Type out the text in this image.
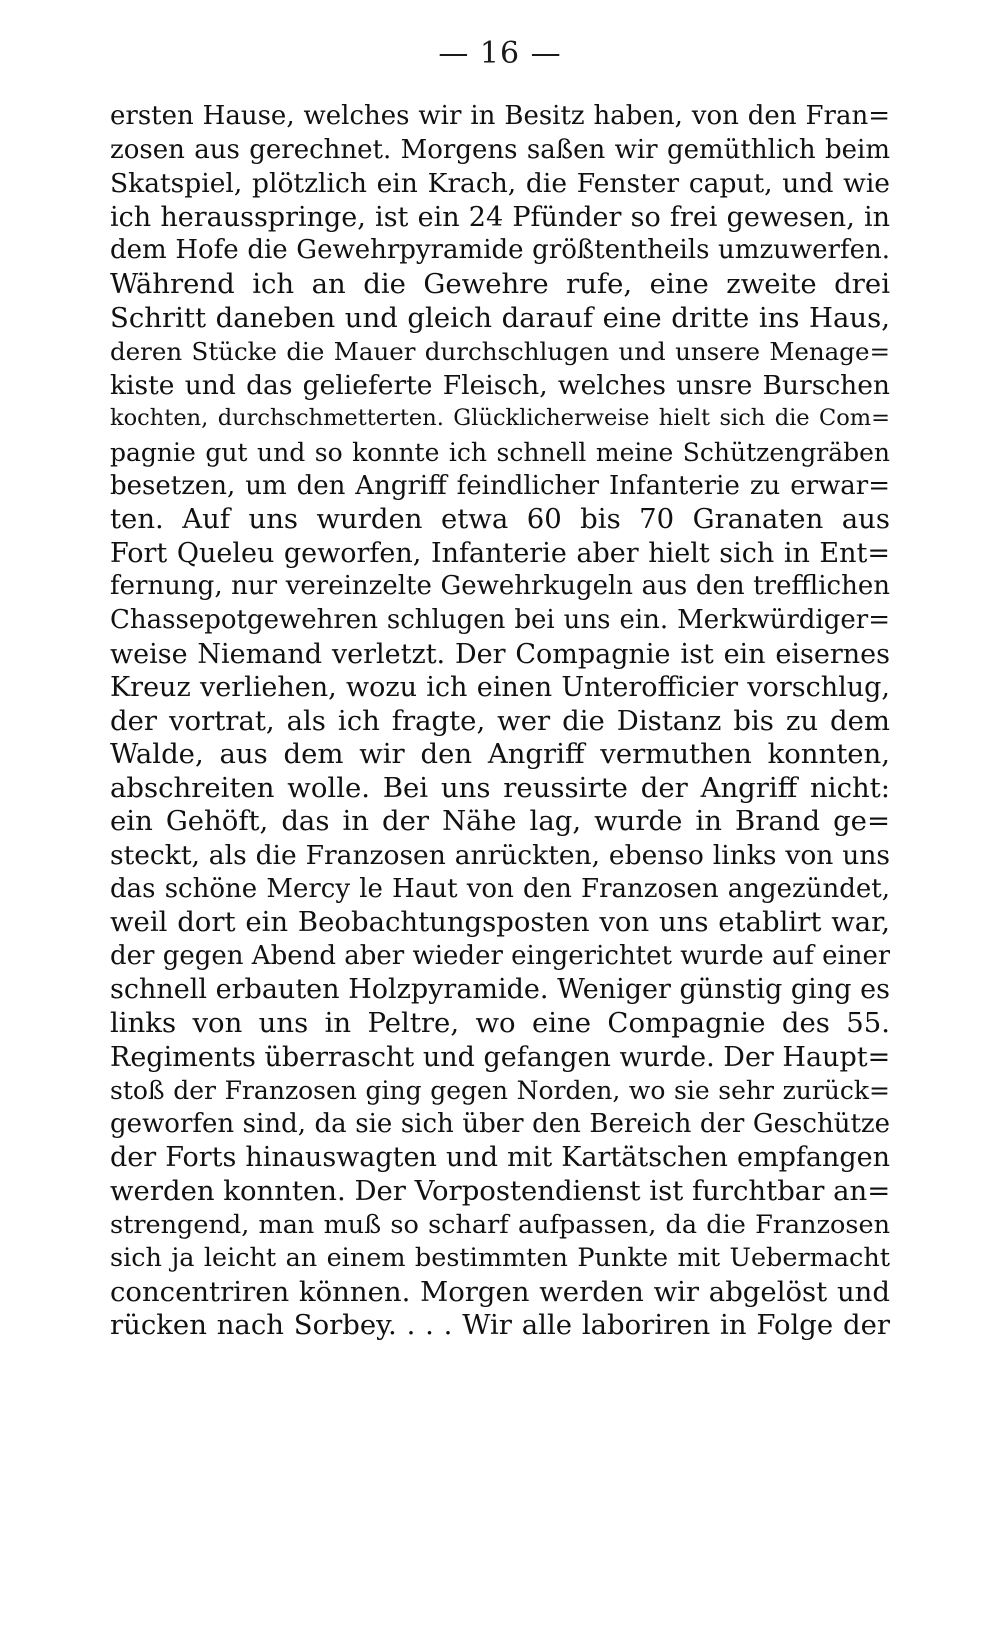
— 16 —
ersten Hause, welches wir in Besitz haben, von den Fran=
zosen aus gerechnet. Morgens saßen wir gemüthlich beim
Skatspiel, plötzlich ein Krach, die Fenster caput, und wie
ich herausspringe, ist ein 24 Pfünder so frei gewesen, in
dem Hofe die Gewehrpyramide größtentheils umzuwerfen.
Während ich an die Gewehre rufe, eine zweite drei
Schritt daneben und gleich darauf eine dritte ins Haus,
deren Stücke die Mauer durchschlugen und unsere Menage=
kiste und das gelieferte Fleisch, welches unsre Burschen
kochten, durchschmetterten. Glücklicherweise hielt sich die Com=
pagnie gut und so konnte ich schnell meine Schützengräben
besetzen, um den Angriff feindlicher Infanterie zu erwar=
ten. Auf uns wurden etwa 60 bis 70 Granaten aus
Fort Queleu geworfen, Infanterie aber hielt sich in Ent=
fernung, nur vereinzelte Gewehrkugeln aus den trefflichen
Chassepotgewehren schlugen bei uns ein. Merkwürdiger=
weise Niemand verletzt. Der Compagnie ist ein eisernes
Kreuz verliehen, wozu ich einen Unterofficier vorschlug,
der vortrat, als ich fragte, wer die Distanz bis zu dem
Walde, aus dem wir den Angriff vermuthen konnten,
abschreiten wolle. Bei uns reussirte der Angriff nicht:
ein Gehöft, das in der Nähe lag, wurde in Brand ge=
steckt, als die Franzosen anrückten, ebenso links von uns
das schöne Mercy le Haut von den Franzosen angezündet,
weil dort ein Beobachtungsposten von uns etablirt war,
der gegen Abend aber wieder eingerichtet wurde auf einer
schnell erbauten Holzpyramide. Weniger günstig ging es
links von uns in Peltre, wo eine Compagnie des 55.
Regiments überrascht und gefangen wurde. Der Haupt=
stoß der Franzosen ging gegen Norden, wo sie sehr zurück=
geworfen sind, da sie sich über den Bereich der Geschütze
der Forts hinauswagten und mit Kartätschen empfangen
werden konnten. Der Vorpostendienst ist furchtbar an=
strengend, man muß so scharf aufpassen, da die Franzosen
sich ja leicht an einem bestimmten Punkte mit Uebermacht
concentriren können. Morgen werden wir abgelöst und
rücken nach Sorbey. . . . Wir alle laboriren in Folge der
